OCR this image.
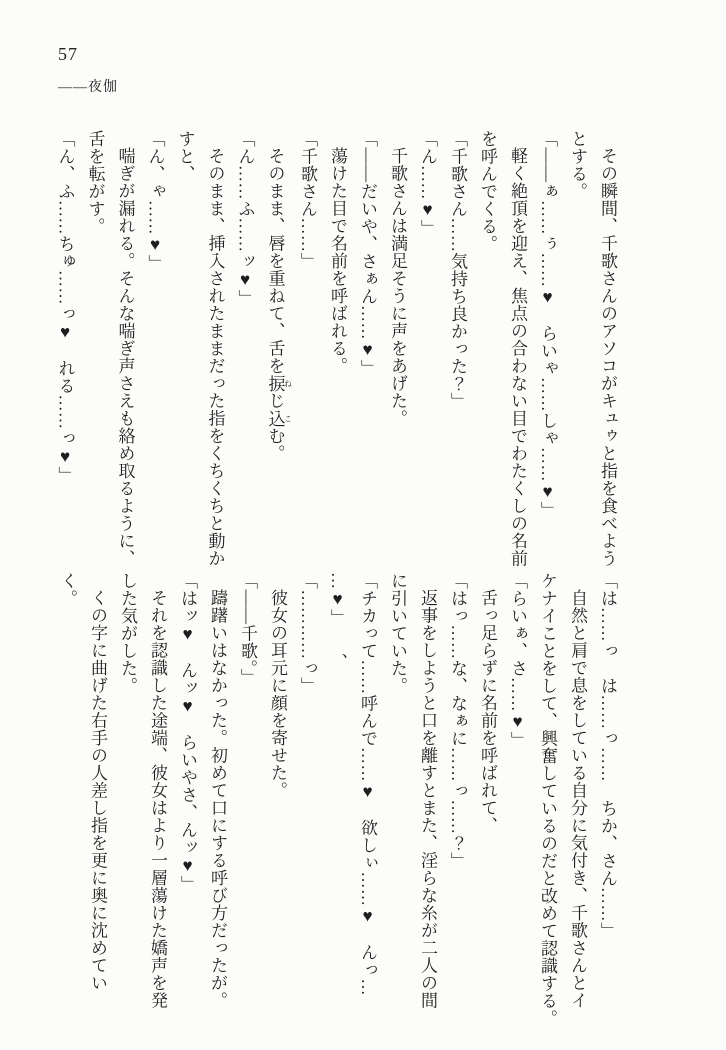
57
――夜伽

その瞬間、千歌さんのアソコがキュゥと指を食べよう

とする。

「――ぁ……ぅ……♥　らいゃ……しゃ……♥」

軽く絶頂を迎え、焦点の合わない目でわたくしの名前

を呼んでくる。

「千歌さん……気持ち良かった？」

「ん……♥」

千歌さんは満足そうに声をあげた。

「――だいや、さぁん……♥」

蕩けた目で名前を呼ばれる。

「千歌さん……」

そのまま、唇を重ねて、舌を捩 ねじ込 こむ。

「ん……ふ……ッ♥」

そのまま、挿入されたままだった指をくちくちと動か

すと、

「ん、ゃ……♥」

喘ぎが漏れる。そんな喘ぎ声さえも絡め取るように、

舌を転がす。

「ん、ふ……ちゅ……っ♥　れる……っ♥」

「は……っ　は……っ……　ちか、さん……」

自然と肩で息をしている自分に気付き、千歌さんとイ

ケナイことをして、興奮しているのだと改めて認識する。

「らいぁ、さ……♥」

舌っ足らずに名前を呼ばれて、

「はっ……な、なぁに……っ……？」

返事をしようと口を離すとまた、淫らな糸が二人の間

に引いていた。

「チカって……呼んで……♥　欲しぃ……♥　んっ…

…♥」　　、

「…………っ」

彼女の耳元に顔を寄せた。

「――千歌。」

躊躇いはなかった。初めて口にする呼び方だったが。

「はッ♥　んッ♥　らいやさ、んッ♥」

それを認識した途端、彼女はより一層蕩けた嬌声を発

した気がした。

くの字に曲げた右手の人差し指を更に奥に沈めてい

く。
